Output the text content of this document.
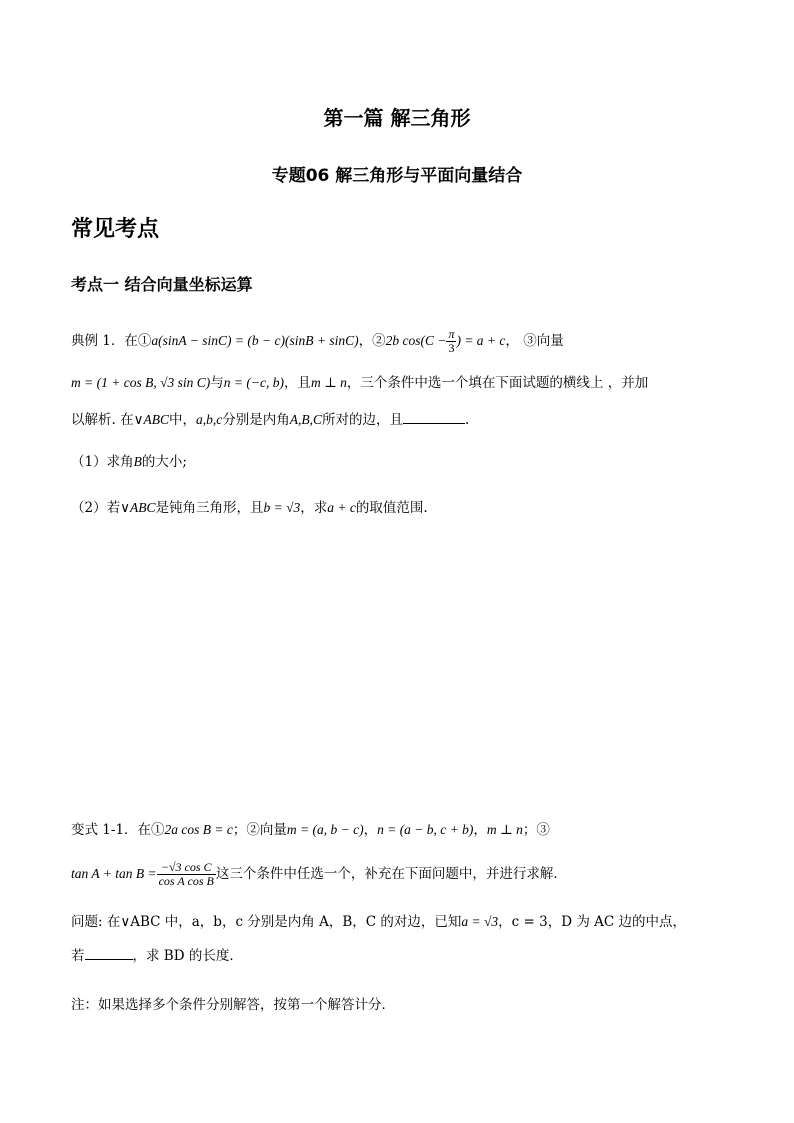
第一篇 解三角形
专题06 解三角形与平面向量结合
常见考点
考点一 结合向量坐标运算
典例 1．在①a(sinA − sinC) = (b − c)(sinB + sinC)，②2b $\cos(C - \frac{\pi}{3}$ ) = a + c， ③向量
m = (1 + cos B, √3 sin C)与n = (−c, b)，且m ⊥ n，三个条件中选一个填在下面试题的横线上 ，并加
以解析. 在∨ABC中，a,b,c分别是内角A,B,C所对的边，且	.
（1）求角B的大小;
（2）若∨ABC是钝角三角形，且b = √3，求a + c的取值范围.
变式 1-1．在①2a cos B = c；②向量m = (a, b − c)，n = (a − b, c + b)，m ⊥ n；③
$\tan A + \tan B = \frac{\text{−√3 cos C}}{\text{cos A cos B}}$ 这三个条件中任选一个，补充在下面问题中，并进行求解．
问题: 在∨ABC 中，a，b，c 分别是内角 A，B，C 的对边，已知a = √3，c = 3，D 为 AC 边的中点，
若	，求 BD 的长度．
注：如果选择多个条件分别解答，按第一个解答计分．
